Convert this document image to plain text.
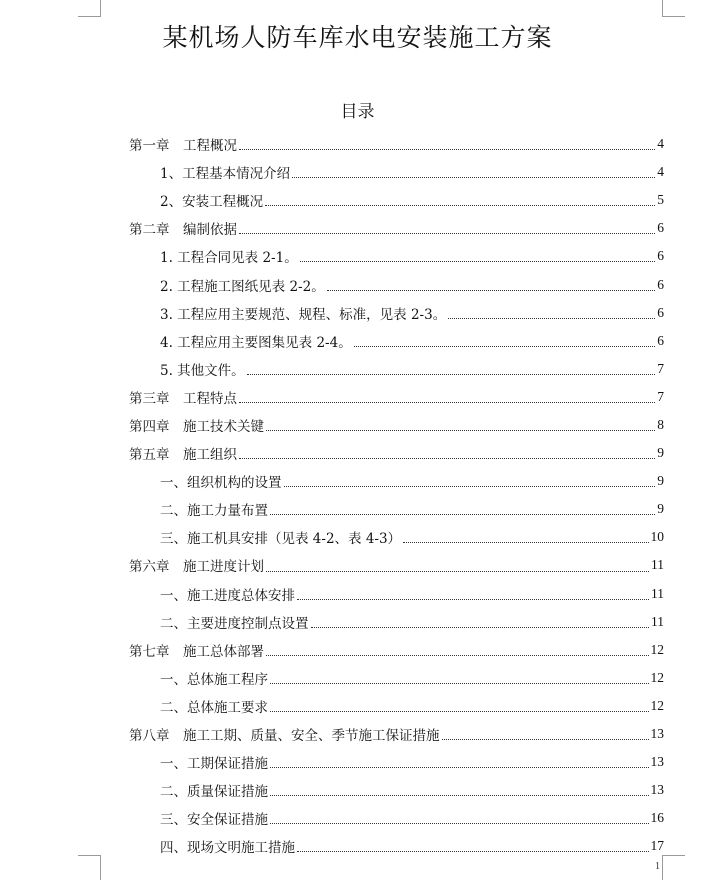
某机场人防车库水电安装施工方案
目录
第一章　工程概况	4
1、工程基本情况介绍	4
2、安装工程概况	5
第二章　编制依据	6
1. 工程合同见表 2-1。	6
2. 工程施工图纸见表 2-2。	6
3. 工程应用主要规范、规程、标准，见表 2-3。	6
4. 工程应用主要图集见表 2-4。	6
5. 其他文件。	7
第三章　工程特点	7
第四章　施工技术关键	8
第五章　施工组织	9
一、组织机构的设置	9
二、施工力量布置	9
三、施工机具安排（见表 4-2、表 4-3）	10
第六章　施工进度计划	11
一、施工进度总体安排	11
二、主要进度控制点设置	11
第七章　施工总体部署	12
一、总体施工程序	12
二、总体施工要求	12
第八章　施工工期、质量、安全、季节施工保证措施	13
一、工期保证措施	13
二、质量保证措施	13
三、安全保证措施	16
四、现场文明施工措施	17
1
